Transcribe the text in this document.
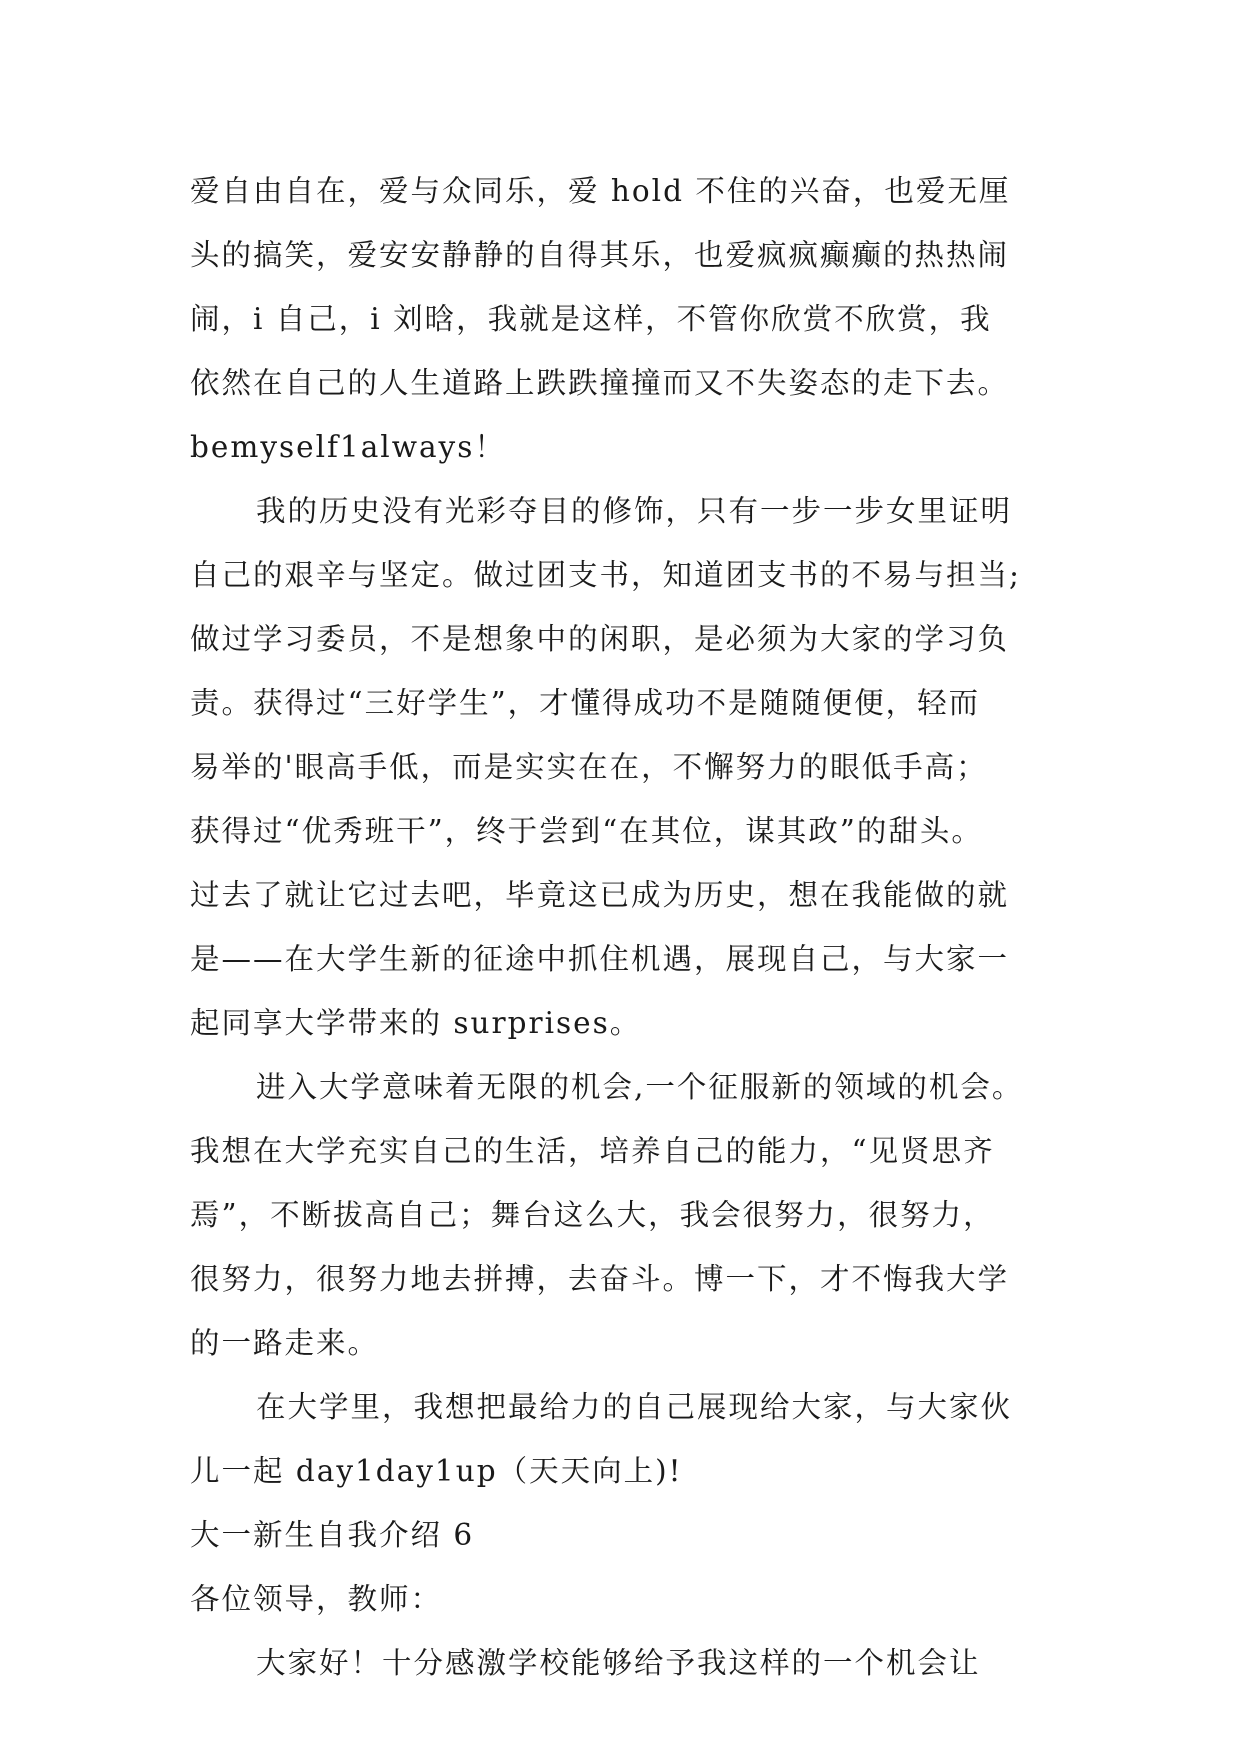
爱自由自在，爱与众同乐，爱 hold 不住的兴奋，也爱无厘
头的搞笑，爱安安静静的自得其乐，也爱疯疯癫癫的热热闹
闹，i 自己，i 刘晗，我就是这样，不管你欣赏不欣赏，我
依然在自己的人生道路上跌跌撞撞而又不失姿态的走下去。
bemyself1always！
我的历史没有光彩夺目的修饰，只有一步一步女里证明
自己的艰辛与坚定。做过团支书，知道团支书的不易与担当;
做过学习委员，不是想象中的闲职，是必须为大家的学习负
责。获得过“三好学生”，才懂得成功不是随随便便，轻而
易举的'眼高手低，而是实实在在，不懈努力的眼低手高；
获得过“优秀班干”，终于尝到“在其位，谋其政”的甜头。
过去了就让它过去吧，毕竟这已成为历史，想在我能做的就
是——在大学生新的征途中抓住机遇，展现自己，与大家一
起同享大学带来的 surprises。
进入大学意味着无限的机会,一个征服新的领域的机会。
我想在大学充实自己的生活，培养自己的能力，“见贤思齐
焉”，不断拔高自己；舞台这么大，我会很努力，很努力，
很努力，很努力地去拼搏，去奋斗。博一下，才不悔我大学
的一路走来。
在大学里，我想把最给力的自己展现给大家，与大家伙
儿一起 day1day1up（天天向上)!
大一新生自我介绍 6
各位领导，教师：
大家好！十分感激学校能够给予我这样的一个机会让
